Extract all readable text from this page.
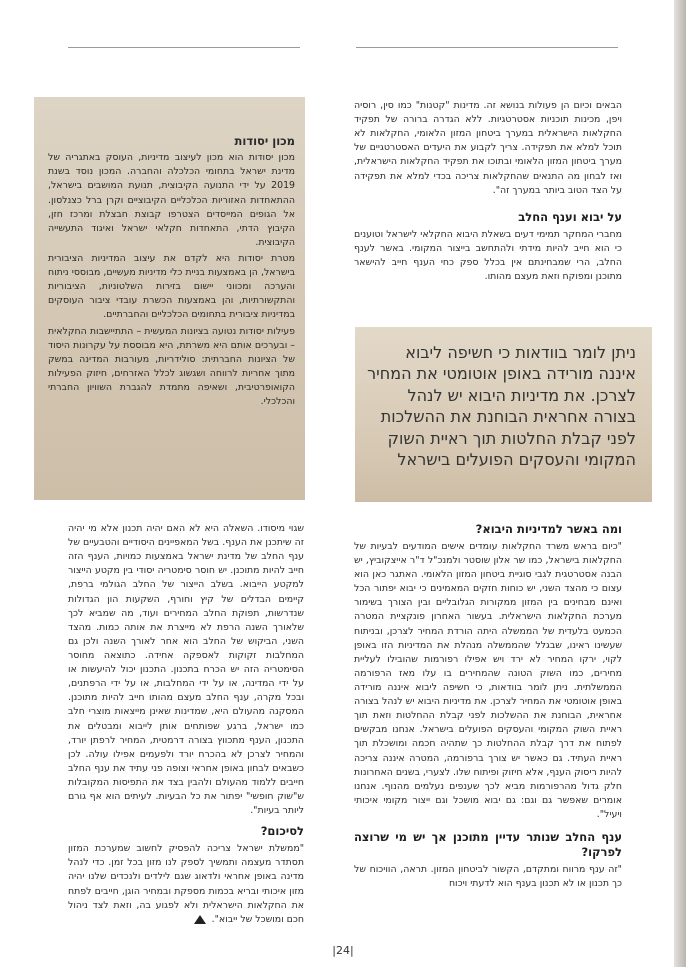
הבאים וכיום הן פעולות בנושא זה. מדינות "קטנות" כמו סין, רוסיה ויפן, מכינות תוכניות אסטרטגיות. ללא הגדרה ברורה של תפקיד החקלאות הישראלית במערך ביטחון המזון הלאומי, החקלאות לא תוכל למלא את תפקידה. צריך לקבוע את היעדים האסטרטגיים של מערך ביטחון המזון הלאומי ובתוכו את תפקיד החקלאות הישראלית, ואז לבחון מה התנאים שהחקלאות צריכה בכדי למלא את תפקידה על הצד הטוב ביותר במערך זה".

על יבוא וענף החלב

מחברי המחקר תמימי דעים בשאלת היבוא החקלאי לישראל וטוענים כי הוא חייב להיות מידתי ולהתחשב בייצור המקומי. באשר לענף החלב, הרי שמבחינתם אין בכלל ספק כחי הענף חייב להישאר מתוכנן ומפוקח וזאת מעצם מהותו.

מכון יסודות

מכון יסודות הוא מכון לעיצוב מדיניות, העוסק באתגריה של מדינת ישראל בתחומי הכלכלה והחברה. המכון נוסד בשנת 2019 על ידי התנועה הקיבוצית, תנועת המושבים בישראל, ההתאחדות האזוריות הכלכליים הקיבוציים וקרן ברל כצנלסון. אל הגופים המייסדים הצטרפו קבוצת חבצלת ומרכז חזן, הקיבוץ הדתי, התאחדות חקלאי ישראל ואיגוד התעשייה הקיבוצית.

מטרת יסודות היא לקדם את עיצוב המדיניות הציבורית בישראל, הן באמצעות בניית כלי מדיניות מעשיים, מבוססי ניתוח והערכה ומכווני יישום בזירות השלטוניות, הציבוריות והתקשורתיות, והן באמצעות הכשרת עובדי ציבור העוסקים במדיניות ציבורית בתחומים הכלכליים והחברתיים.

פעילות יסודות נטועה בציונות המעשית – התתיישבות החקלאית – ובערכים אותם היא משרתת, היא מבוססת על עקרונות היסוד של הציונות החברתית: סולידריות, מעורבות המדינה במשק מתוך אחריות לרווחה ושגשוג לכלל האזרחים, חיזוק הפעילות הקואופרטיבית, ושאיפה מתמדת להגברת השוויון החברתי והכלכלי.

ניתן לומר בוודאות כי חשיפה ליבוא איננה מורידה באופן אוטומטי את המחיר לצרכן. את מדיניות היבוא יש לנהל בצורה אחראית הבוחנת את ההשלכות לפני קבלת החלטות תוך ראיית השוק המקומי והעסקים הפועלים בישראל
ומה באשר למדיניות היבוא?

"כיום בראש משרד החקלאות עומדים אישים המודעים לבעיות של החקלאות בישראל, כמו שר אלון שוסטר ולמנכ"ל ד"ר אייצקוביץ, יש הבנה אסטרטגית לגבי סוגיית ביטחון המזון הלאומי. האתגר כאן הוא עצום כי מהצד השני, יש כוחות חזקים המאמינים כי יבוא יפתור הכל ואינם מבחינים בין המזון ממקורות הגלובליים ובין הצורך בשימור מערכת החקלאות הישראלית. בעשור האחרון פונקציית המטרה הכמעט בלעדית של הממשלה היתה הורדת המחיר לצרכן, ובניתוח שעשינו ראינו, שבגלל שהממשלה מנהלת את המדיניות הזו באופן לקוי, ירקו המחיר לא ירד ויש אפילו רפורמות שהובילו לעליית מחירים, כמו השוק הטונה שהמחירים בו עלו מאז הרפורמה הממשלתית. ניתן לומר בוודאות, כי חשיפה ליבוא איננה מורידה באופן אוטומטי את המחיר לצרכן. את מדיניות היבוא יש לנהל בצורה אחראית, הבוחנת את ההשלכות לפני קבלת ההחלטות וזאת תוך ראיית השוק המקומי והעסקים הפועלים בישראל. אנחנו מבקשים לפתוח את דרך קבלת ההחלטות כך שתהיה חכמה ומושכלת תוך ראיית העתיד. גם כאשר יש צורך ברפורמה, המטרה איננה צריכה להיות ריסוק הענף, אלא חיזוק ופיתוח שלו. לצערי, בשנים האחרונות חלק גדול מהרפורמות מביא לכך שענפים נעלמים מהנוף. אנחנו אומרים שאפשר גם וגם: גם יבוא מושכל וגם ייצור מקומי איכותי ויעיל".

ענף החלב שנותר עדיין מתוכנן אך יש מי שרוצה לפרקו?

"זה ענף מרווח ומתקדם, הקשור לביטחון המזון. תראה, הוויכוח של כך תכנון או לא תכנון בענף הוא לדעתי ויכוח

שגוי מיסודו. השאלה היא לא האם יהיה תכנון אלא מי יהיה זה שיתכנן את הענף. בשל המאפיינים היסודיים והטבעיים של ענף החלב של מדינת ישראל באמצעות כמויות, הענף הזה חייב להיות מתוכנן. יש חוסר סימטריה יסודי בין מקטע הייצור למקטע הייבוא. בשלב הייצור של החלב הגולמי ברפת, קיימים הבדלים של קיץ וחורף, השקעות הון הגדולות שנדרשות, תפוקת החלב המחירים ועוד, מה שמביא לכך שלאורך השנה הרפת לא מייצרת את אותה כמות. מהצד השני, הביקוש של החלב הוא אחר לאורך השנה ולכן גם המחלבות זקוקות לאספקה אחידה. כתוצאה מחוסר הסימטריה הזה יש הכרח בתכנון. התכנון יכול להיעשות או על ידי המדינה, או על ידי המחלבות, או על ידי הרפתנים, ובכל מקרה, ענף החלב מעצם מהותו חייב להיות מתוכנן. המסקנה מהעולם היא, שמדינות שאינן מייצאות מוצרי חלב כמו ישראל, ברגע שפותחים אותן לייבוא ומבטלים את התכנון, הענף מתכווץ בצורה דרמטית, המחיר לרפתן יורד, והמחיר לצרכן לא בהכרח יורד ולפעמים אפילו עולה. לכן כשבאים לבחון באופן אחראי וצופה פני עתיד את ענף החלב חייבים ללמוד מהעולם ולהבין בצד את התפיסות המקובלות ש"שוק חופשי" יפתור את כל הבעיות. לעיתים הוא אף גורם ליותר בעיות".

לסיכום?

"ממשלת ישראל צריכה להפסיק לחשוב שמערכת המזון תסתדר מעצמה ותמשיך לספק לנו מזון בכל זמן. כדי לנהל מדינה באופן אחראי ולדאוג שגם לילדים ולנכדים שלנו יהיה מזון איכותי ובריא בכמות מספקת ובמחיר הוגן, חייבים לפתח את החקלאות הישראלית ולא לפגוע בה, וזאת לצד ניהול חכם ומושכל של ייבוא".

|24|
